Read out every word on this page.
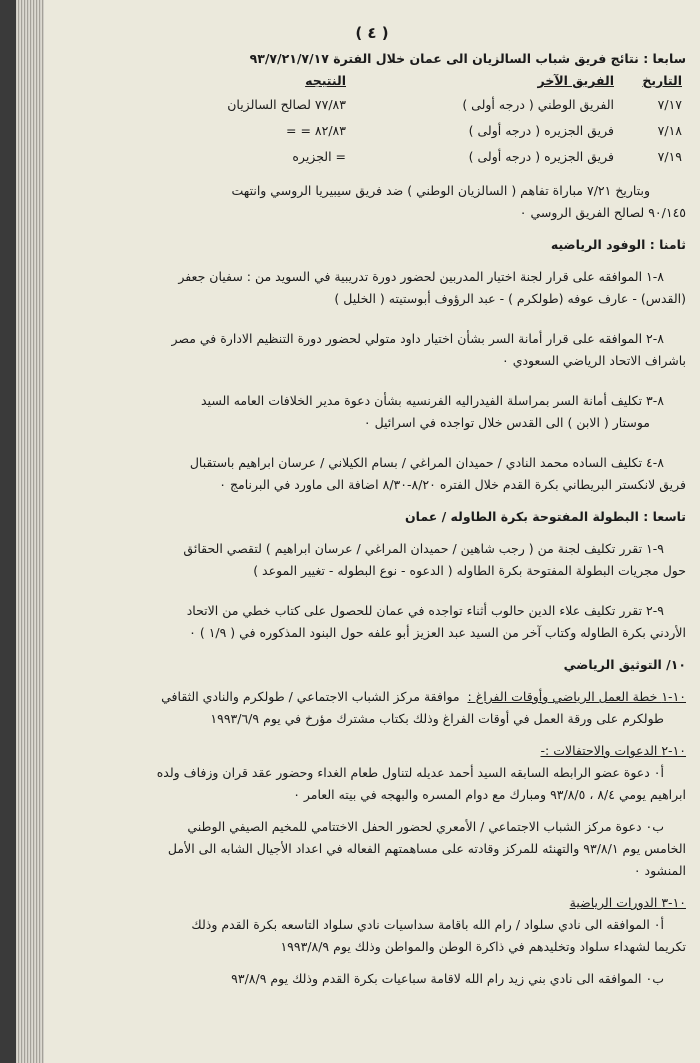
( ٤ )
سابعا : نتائج فريق شباب السالزيان الى عمان خلال الفترة ٩٣/٧/٢١/٧/١٧
التاريخ	الفريق الآخر	النتيجه
٧/١٧	الفريق الوطني ( درجه أولى )	٧٧/٨٣ لصالح السالزيان
٧/١٨	فريق الجزيره ( درجه أولى )	٨٢/٨٣ = =
٧/١٩	فريق الجزيره ( درجه أولى )	= الجزيره
وبتاريخ ٧/٢١ مباراة تفاهم ( السالزيان الوطني ) ضد فريق سيبيريا الروسي وانتهت
٩٠/١٤٥ لصالح الفريق الروسي ٠
ثامنا : الوفود الرياضيه
٨-١ الموافقه على قرار لجنة اختيار المدربين لحضور دورة تدريبية في السويد من : سفيان جعفر
(القدس) - عارف عوفه (طولكرم ) - عبد الرؤوف أبوستيته ( الخليل )
٨-٢ الموافقه على قرار أمانة السر بشأن اختيار داود متولي لحضور دورة التنظيم الادارة في مصر
باشراف الاتحاد الرياضي السعودي ٠
٨-٣ تكليف أمانة السر بمراسلة الفيدراليه الفرنسيه بشأن دعوة مدير الخلافات العامه السيد
موستار ( الابن ) الى القدس خلال تواجده في اسرائيل ٠
٨-٤ تكليف الساده محمد النادي / حميدان المراغي / بسام الكيلاني / عرسان ابراهيم باستقبال
فريق لانكستر البريطاني بكرة القدم خلال الفتره ٨/٢٠-٨/٣٠ اضافة الى ماورد في البرنامج ٠
تاسعا : البطولة المفتوحة بكرة الطاوله / عمان
٩-١ تقرر تكليف لجنة من ( رجب شاهين / حميدان المراغي / عرسان ابراهيم ) لتقصي الحقائق
حول مجريات البطولة المفتوحة بكرة الطاوله ( الدعوه - نوع البطوله - تغيير الموعد )
٩-٢ تقرر تكليف علاء الدين حالوب أثناء تواجده في عمان للحصول على كتاب خطي من الاتحاد
الأردني بكرة الطاوله وكتاب آخر من السيد عبد العزيز أبو علفه حول البنود المذكوره في ( ١/٩ ) ٠
١٠/ التوثيق الرياضي
١٠-١ خطة العمل الرياضي وأوقات الفراغ :  موافقة مركز الشباب الاجتماعي / طولكرم والنادي الثقافي
طولكرم على ورقة العمل في أوقات الفراغ وذلك بكتاب مشترك مؤرخ في يوم ١٩٩٣/٦/٩
١٠-٢ الدعوات والاحتفالات :-
أ٠ دعوة عضو الرابطه السابقه السيد أحمد عديله لتناول طعام الغداء وحضور عقد قران وزفاف ولده
ابراهيم يومي ٨/٤ ، ٩٣/٨/٥ ومبارك مع دوام المسره والبهجه في بيته العامر ٠
ب٠ دعوة مركز الشباب الاجتماعي / الأمعري لحضور الحفل الاختتامي للمخيم الصيفي الوطني
الخامس يوم ٩٣/٨/١ والتهنئه للمركز وقادته على مساهمتهم الفعاله في اعداد الأجيال الشابه الى الأمل
المنشود ٠
١٠-٣ الدورات الرياضية
أ٠ الموافقه الى نادي سلواد / رام الله باقامة سداسيات نادي سلواد التاسعه بكرة القدم وذلك
تكريما لشهداء سلواد وتخليدهم في ذاكرة الوطن والمواطن وذلك يوم ١٩٩٣/٨/٩
ب٠ الموافقه الى نادي بني زيد رام الله لاقامة سباعيات بكرة القدم وذلك يوم ٩٣/٨/٩
